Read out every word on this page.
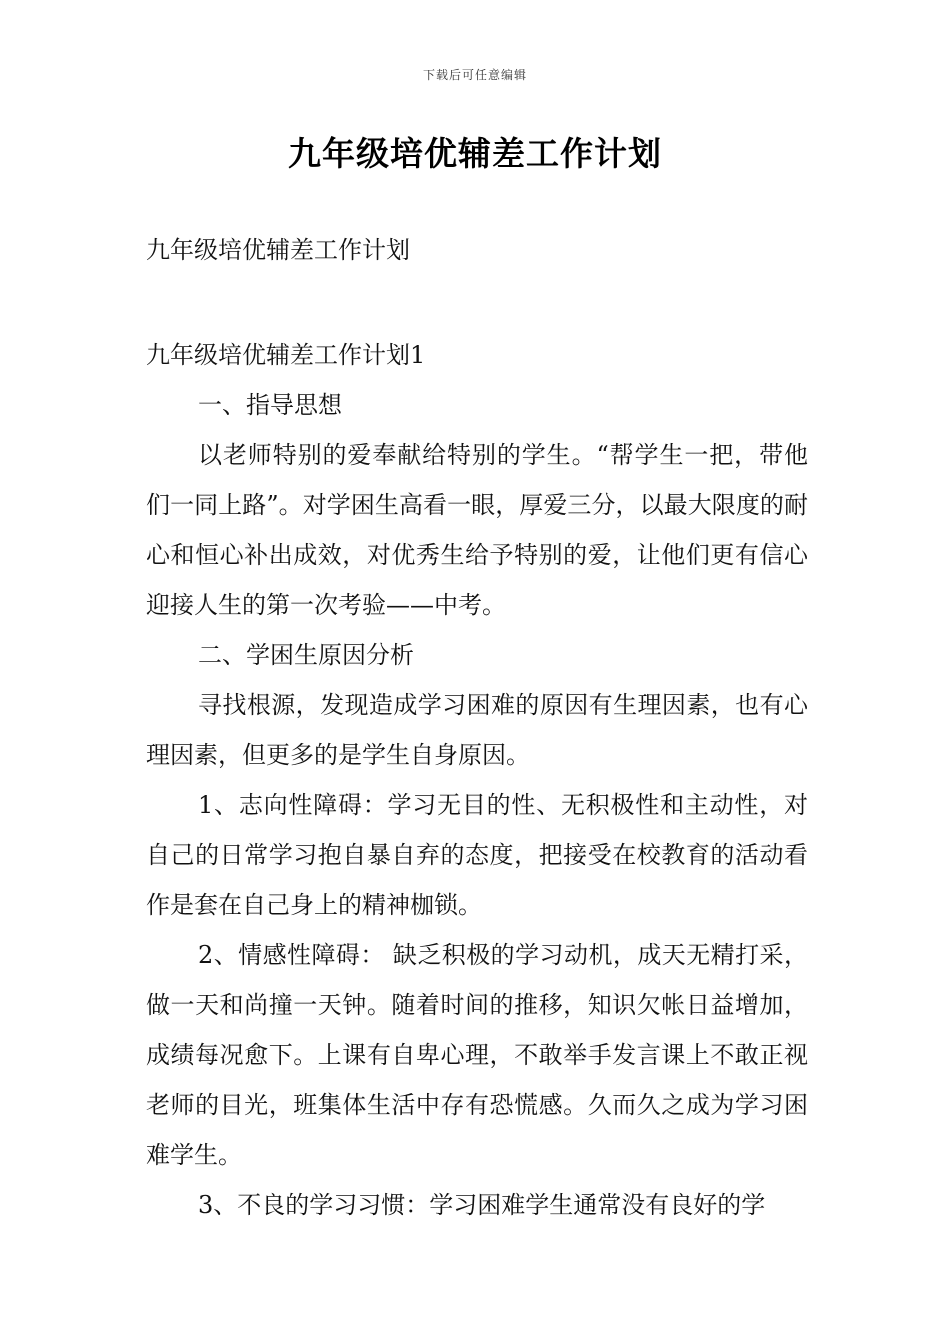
下载后可任意编辑
九年级培优辅差工作计划
九年级培优辅差工作计划

九年级培优辅差工作计划1

一、指导思想

以老师特别的爱奉献给特别的学生。“帮学生一把，带他们一同上路”。对学困生高看一眼，厚爱三分，以最大限度的耐心和恒心补出成效，对优秀生给予特别的爱，让他们更有信心迎接人生的第一次考验——中考。

二、学困生原因分析

寻找根源，发现造成学习困难的原因有生理因素，也有心理因素，但更多的是学生自身原因。

1、志向性障碍：学习无目的性、无积极性和主动性，对自己的日常学习抱自暴自弃的态度，把接受在校教育的活动看作是套在自己身上的精神枷锁。

2、情感性障碍： 缺乏积极的学习动机，成天无精打采，做一天和尚撞一天钟。随着时间的推移，知识欠帐日益增加，成绩每况愈下。上课有自卑心理，不敢举手发言课上不敢正视老师的目光，班集体生活中存有恐慌感。久而久之成为学习困难学生。

3、不良的学习习惯：学习困难学生通常没有良好的学
